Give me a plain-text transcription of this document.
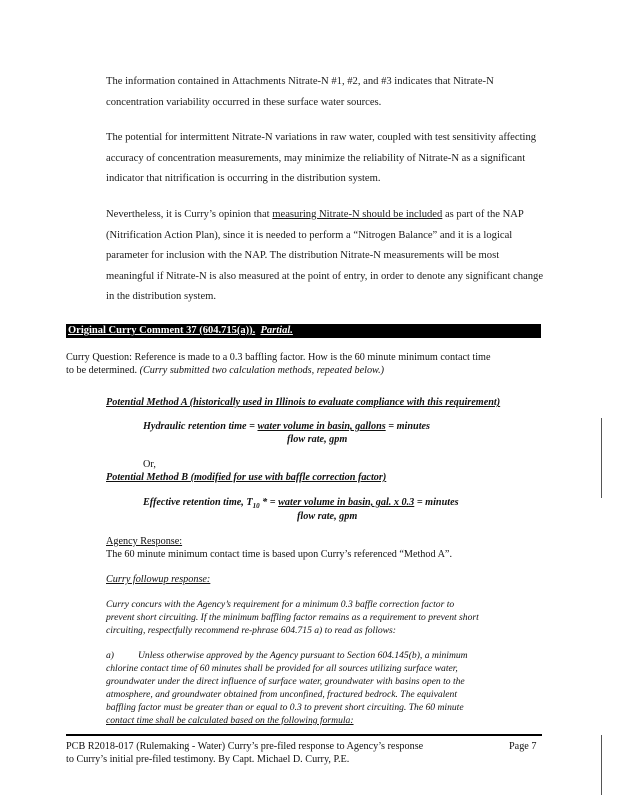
The information contained in Attachments Nitrate-N #1, #2, and #3 indicates that Nitrate-N concentration variability occurred in these surface water sources.

The potential for intermittent Nitrate-N variations in raw water, coupled with test sensitivity affecting accuracy of concentration measurements, may minimize the reliability of Nitrate-N as a significant indicator that nitrification is occurring in the distribution system.

Nevertheless, it is Curry’s opinion that measuring Nitrate-N should be included as part of the NAP (Nitrification Action Plan), since it is needed to perform a “Nitrogen Balance” and it is a logical parameter for inclusion with the NAP. The distribution Nitrate-N measurements will be most meaningful if Nitrate-N is also measured at the point of entry, in order to denote any significant change in the distribution system.

Original Curry Comment 37 (604.715(a)). Partial.
Curry Question: Reference is made to a 0.3 baffling factor. How is the 60 minute minimum contact time
to be determined. (Curry submitted two calculation methods, repeated below.)
Potential Method A (historically used in Illinois to evaluate compliance with this requirement)
Hydraulic retention time = water volume in basin, gallons = minutes
flow rate, gpm
Or,
Potential Method B (modified for use with baffle correction factor)
Effective retention time, $T_{10}$ * = water volume in basin, gal. x 0.3 = minutes
flow rate, gpm
Agency Response:
The 60 minute minimum contact time is based upon Curry’s referenced “Method A”.
Curry followup response:
Curry concurs with the Agency’s requirement for a minimum 0.3 baffle correction factor to
prevent short circuiting. If the minimum baffling factor remains as a requirement to prevent short
circuiting, respectfully recommend re-phrase 604.715 a) to read as follows:
a)	Unless otherwise approved by the Agency pursuant to Section 604.145(b), a minimum
chlorine contact time of 60 minutes shall be provided for all sources utilizing surface water,
groundwater under the direct influence of surface water, groundwater with basins open to the
atmosphere, and groundwater obtained from unconfined, fractured bedrock. The equivalent
baffling factor must be greater than or equal to 0.3 to prevent short circuiting. The 60 minute
contact time shall be calculated based on the following formula:
PCB R2018-017 (Rulemaking - Water) Curry’s pre-filed response to Agency’s response	Page 7
to Curry’s initial pre-filed testimony. By Capt. Michael D. Curry, P.E.
